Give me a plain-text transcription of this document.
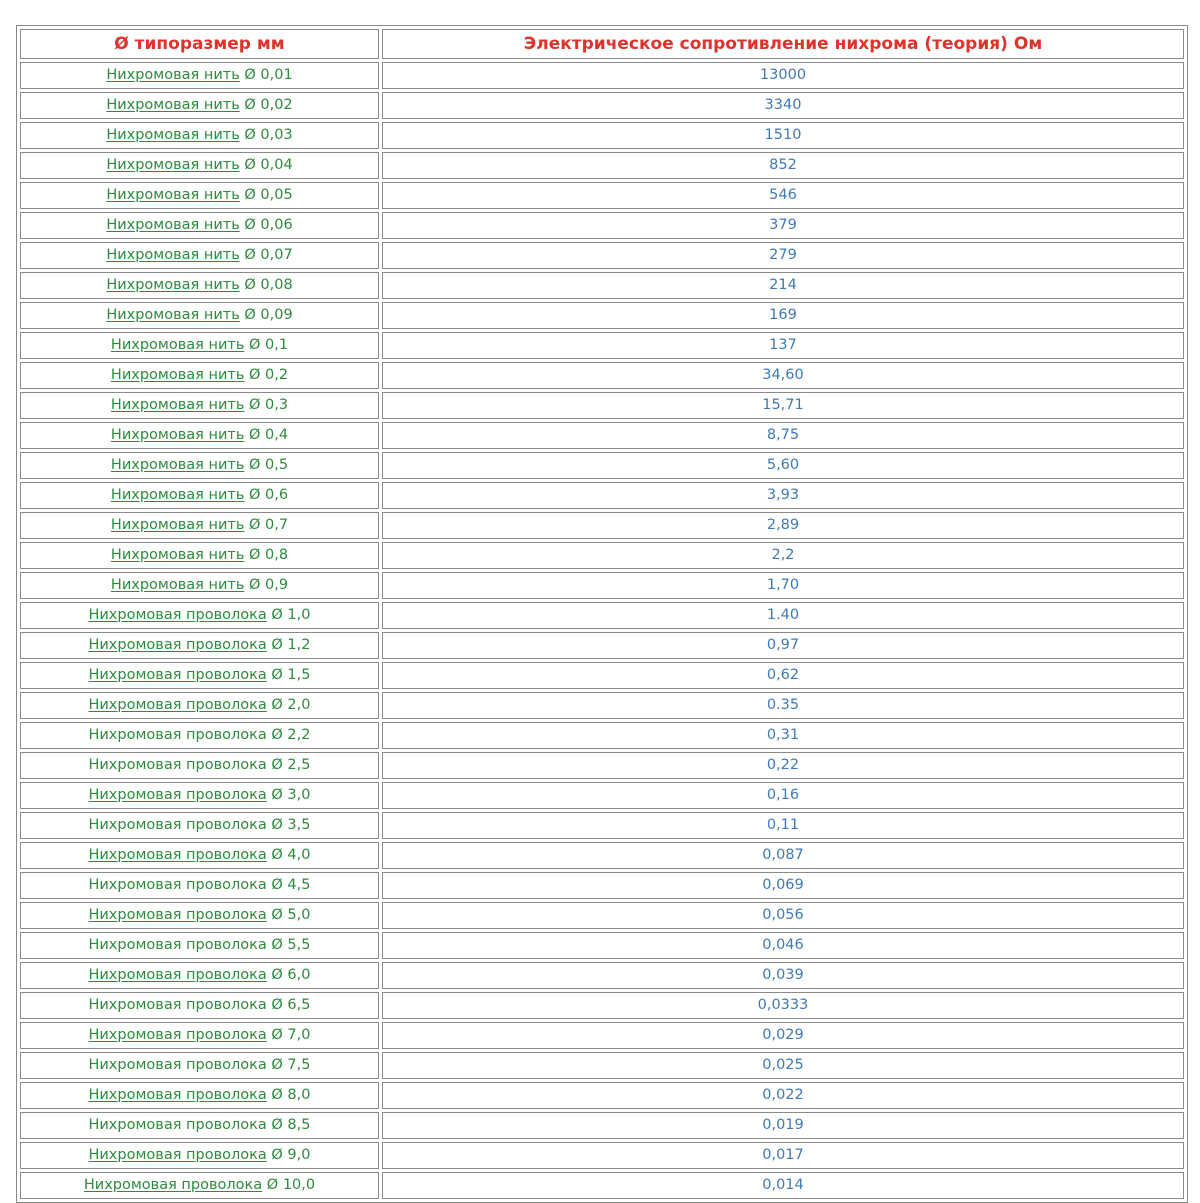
Ø типоразмер мм	Электрическое сопротивление нихрома (теория) Ом
Нихромовая нить Ø 0,01	13000
Нихромовая нить Ø 0,02	3340
Нихромовая нить Ø 0,03	1510
Нихромовая нить Ø 0,04	852
Нихромовая нить Ø 0,05	546
Нихромовая нить Ø 0,06	379
Нихромовая нить Ø 0,07	279
Нихромовая нить Ø 0,08	214
Нихромовая нить Ø 0,09	169
Нихромовая нить Ø 0,1	137
Нихромовая нить Ø 0,2	34,60
Нихромовая нить Ø 0,3	15,71
Нихромовая нить Ø 0,4	8,75
Нихромовая нить Ø 0,5	5,60
Нихромовая нить Ø 0,6	3,93
Нихромовая нить Ø 0,7	2,89
Нихромовая нить Ø 0,8	2,2
Нихромовая нить Ø 0,9	1,70
Нихромовая проволока Ø 1,0	1.40
Нихромовая проволока Ø 1,2	0,97
Нихромовая проволока Ø 1,5	0,62
Нихромовая проволока Ø 2,0	0.35
Нихромовая проволока Ø 2,2	0,31
Нихромовая проволока Ø 2,5	0,22
Нихромовая проволока Ø 3,0	0,16
Нихромовая проволока Ø 3,5	0,11
Нихромовая проволока Ø 4,0	0,087
Нихромовая проволока Ø 4,5	0,069
Нихромовая проволока Ø 5,0	0,056
Нихромовая проволока Ø 5,5	0,046
Нихромовая проволока Ø 6,0	0,039
Нихромовая проволока Ø 6,5	0,0333
Нихромовая проволока Ø 7,0	0,029
Нихромовая проволока Ø 7,5	0,025
Нихромовая проволока Ø 8,0	0,022
Нихромовая проволока Ø 8,5	0,019
Нихромовая проволока Ø 9,0	0,017
Нихромовая проволока Ø 10,0	0,014
